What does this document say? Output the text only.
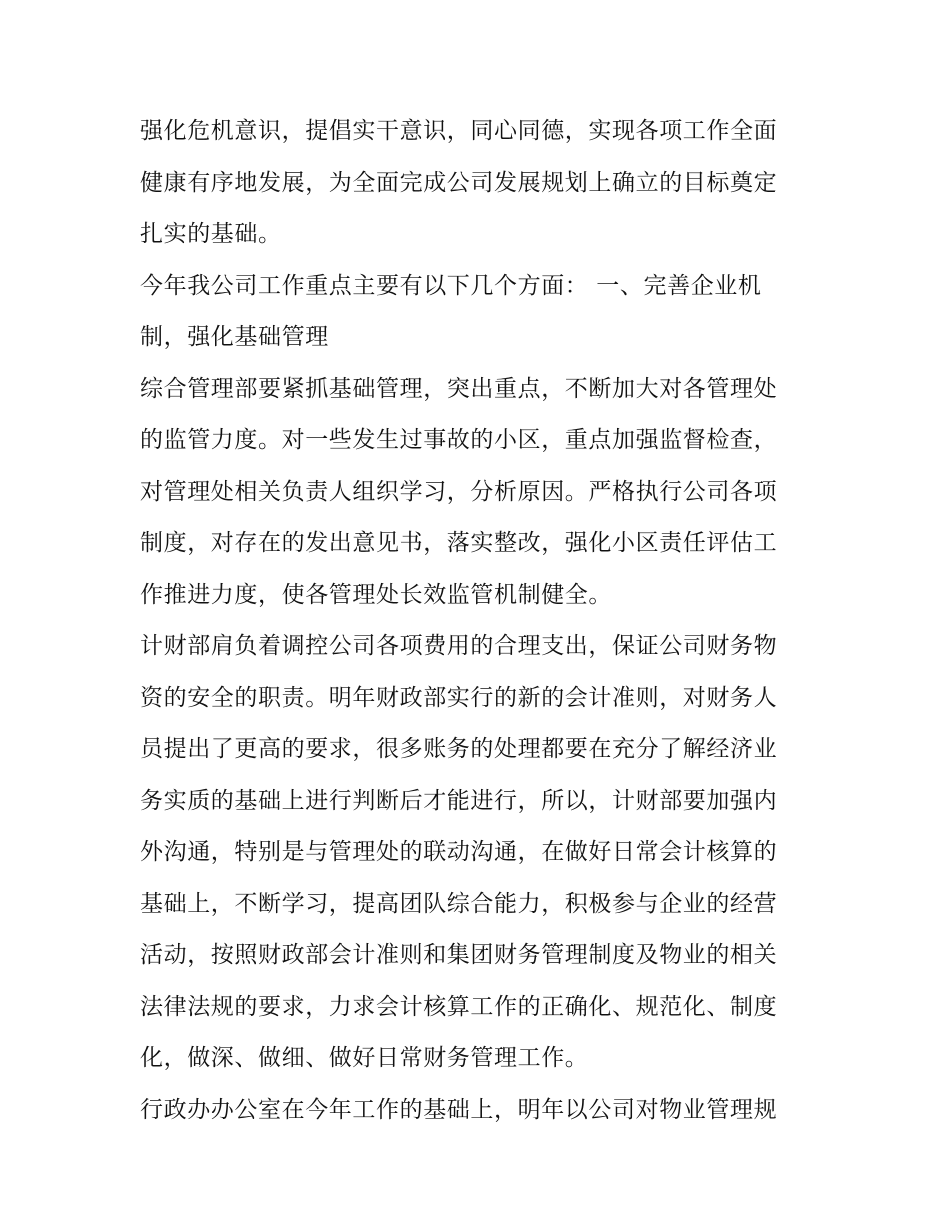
强化危机意识，提倡实干意识，同心同德，实现各项工作全面
健康有序地发展，为全面完成公司发展规划上确立的目标奠定
扎实的基础。
今年我公司工作重点主要有以下几个方面： 一、完善企业机
制，强化基础管理
综合管理部要紧抓基础管理，突出重点，不断加大对各管理处
的监管力度。对一些发生过事故的小区，重点加强监督检查，
对管理处相关负责人组织学习，分析原因。严格执行公司各项
制度，对存在的发出意见书，落实整改，强化小区责任评估工
作推进力度，使各管理处长效监管机制健全。
计财部肩负着调控公司各项费用的合理支出，保证公司财务物
资的安全的职责。明年财政部实行的新的会计准则，对财务人
员提出了更高的要求，很多账务的处理都要在充分了解经济业
务实质的基础上进行判断后才能进行，所以，计财部要加强内
外沟通，特别是与管理处的联动沟通，在做好日常会计核算的
基础上，不断学习，提高团队综合能力，积极参与企业的经营
活动，按照财政部会计准则和集团财务管理制度及物业的相关
法律法规的要求，力求会计核算工作的正确化、规范化、制度
化，做深、做细、做好日常财务管理工作。
行政办办公室在今年工作的基础上，明年以公司对物业管理规
